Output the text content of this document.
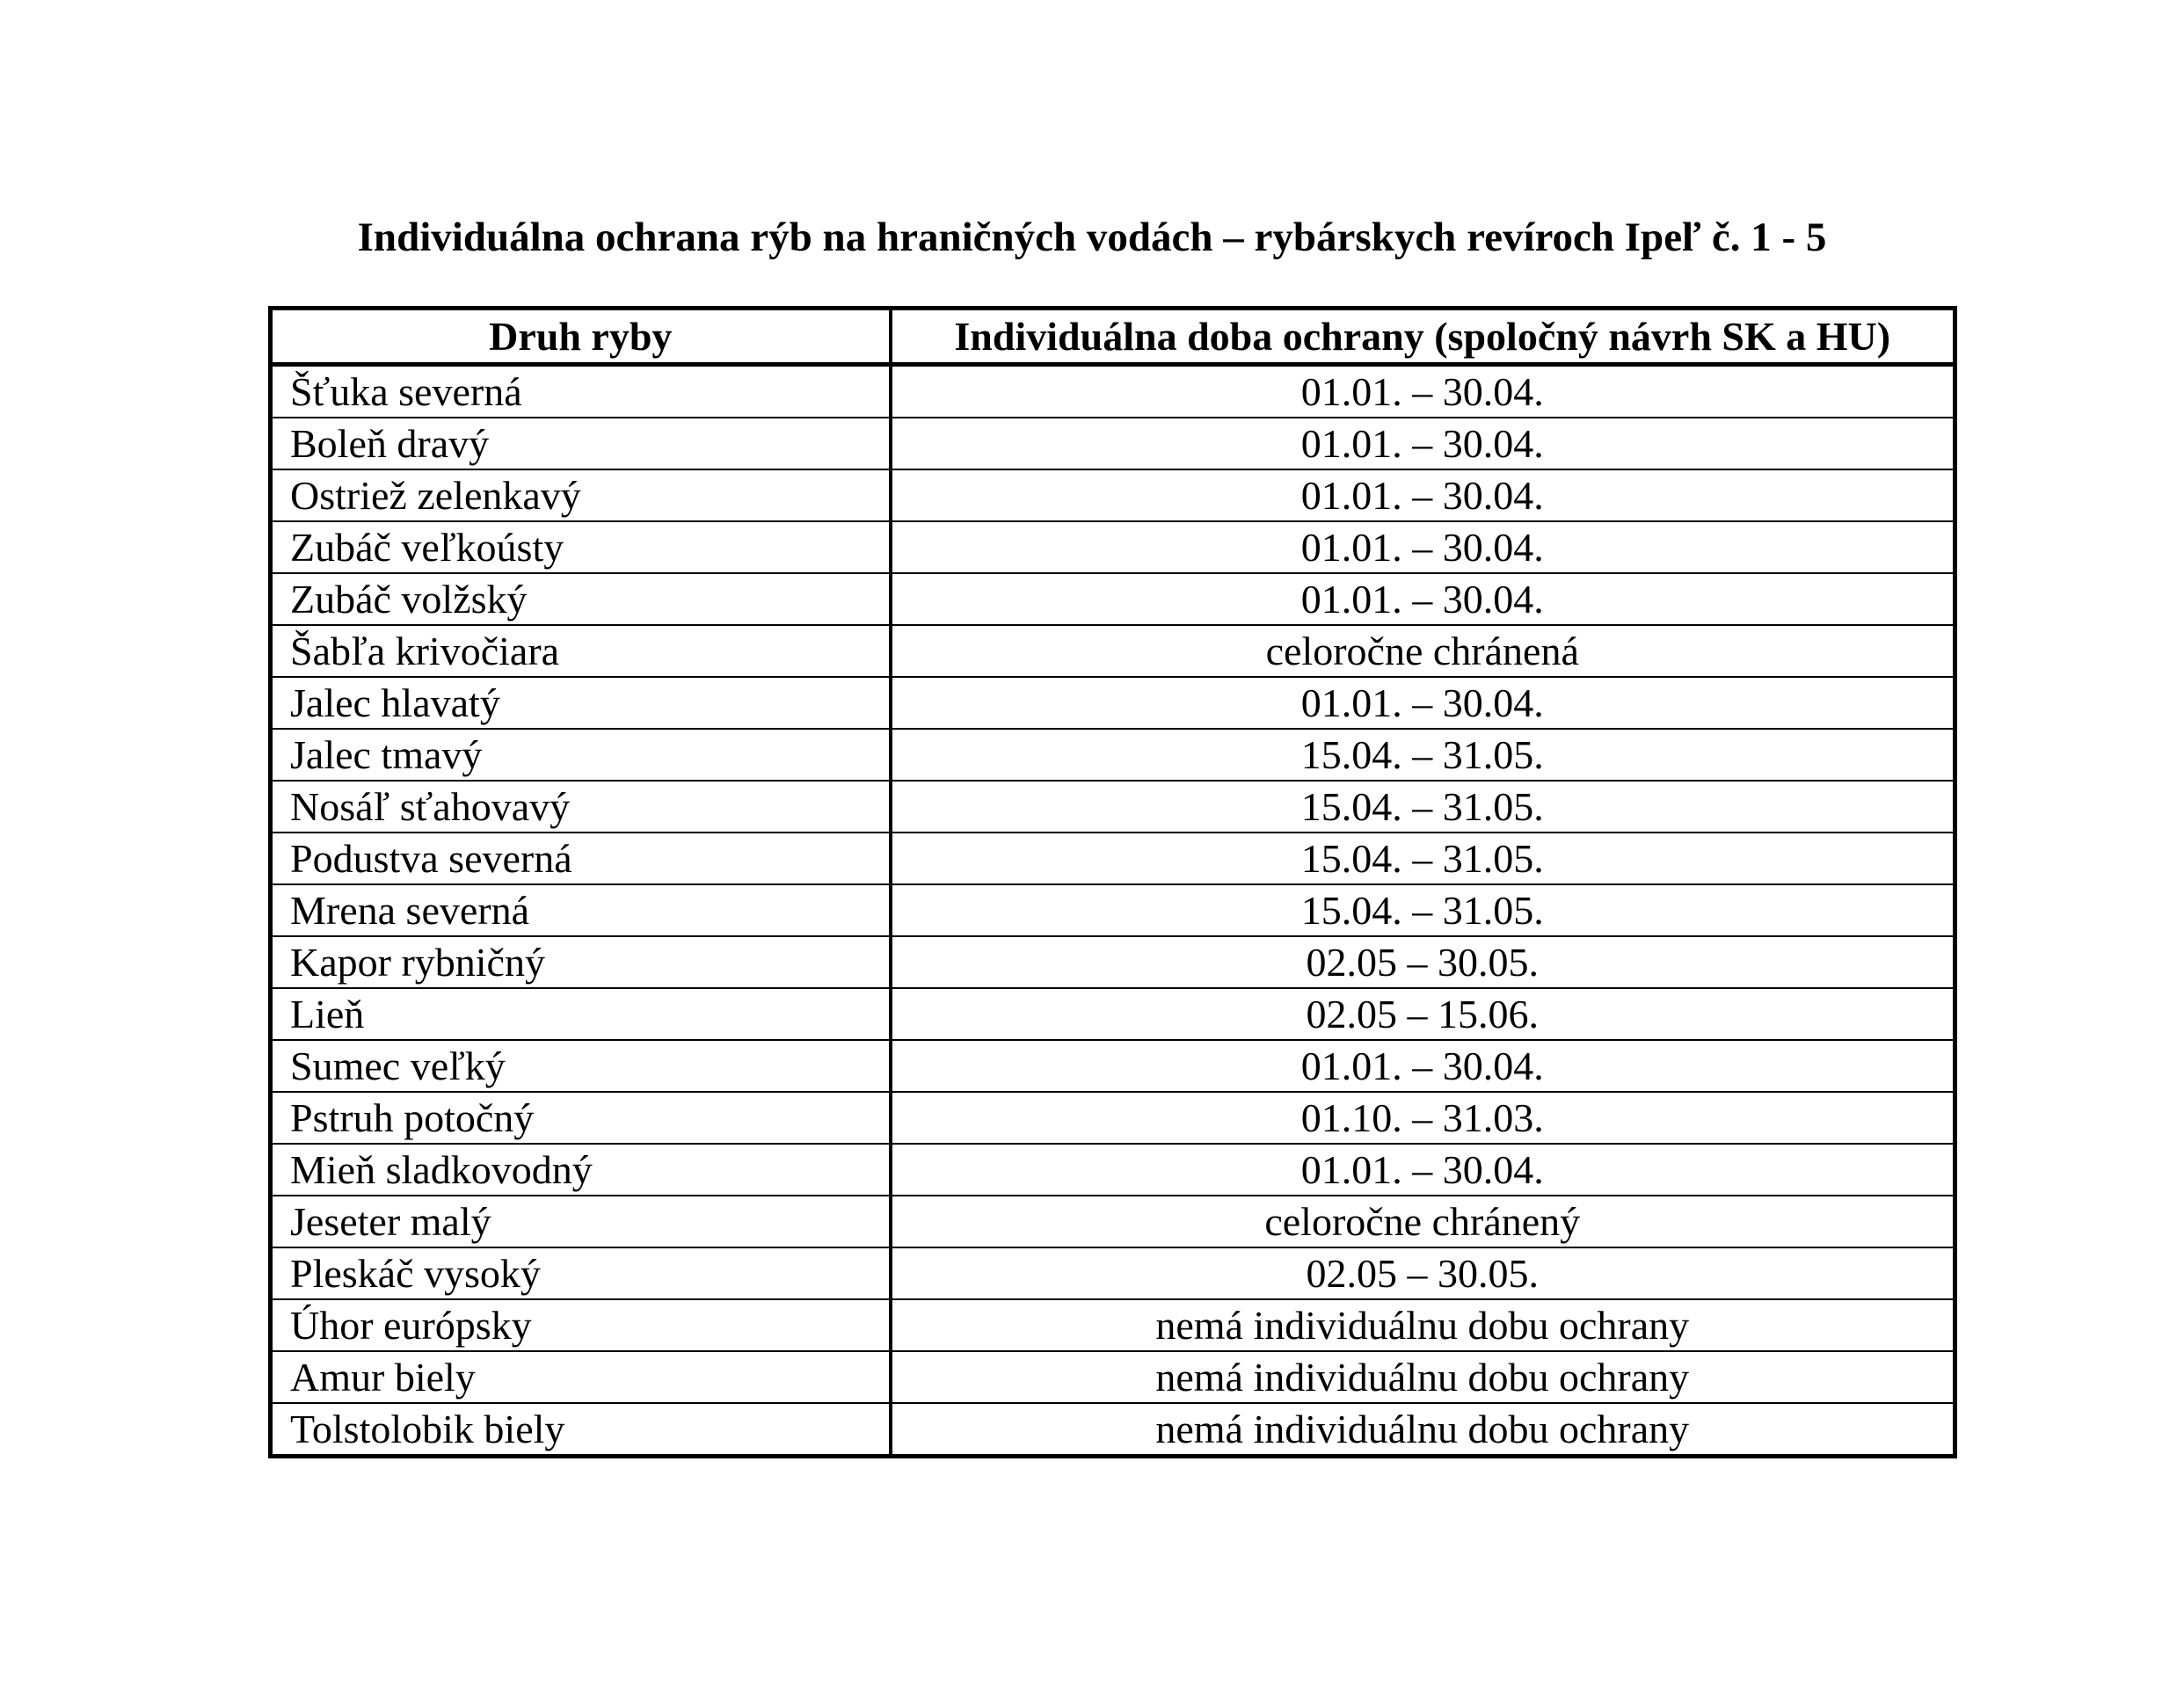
Individuálna ochrana rýb na hraničných vodách – rybárskych revíroch Ipeľ č. 1 - 5
Druh ryby	Individuálna doba ochrany (spoločný návrh SK a HU)
Šťuka severná	01.01. – 30.04.
Boleň dravý	01.01. – 30.04.
Ostriež zelenkavý	01.01. – 30.04.
Zubáč veľkoústy	01.01. – 30.04.
Zubáč volžský	01.01. – 30.04.
Šabľa krivočiara	celoročne chránená
Jalec hlavatý	01.01. – 30.04.
Jalec tmavý	15.04. – 31.05.
Nosáľ sťahovavý	15.04. – 31.05.
Podustva severná	15.04. – 31.05.
Mrena severná	15.04. – 31.05.
Kapor rybničný	02.05 – 30.05.
Lieň	02.05 – 15.06.
Sumec veľký	01.01. – 30.04.
Pstruh potočný	01.10. – 31.03.
Mieň sladkovodný	01.01. – 30.04.
Jeseter malý	celoročne chránený
Pleskáč vysoký	02.05 – 30.05.
Úhor európsky	nemá individuálnu dobu ochrany
Amur biely	nemá individuálnu dobu ochrany
Tolstolobik biely	nemá individuálnu dobu ochrany
